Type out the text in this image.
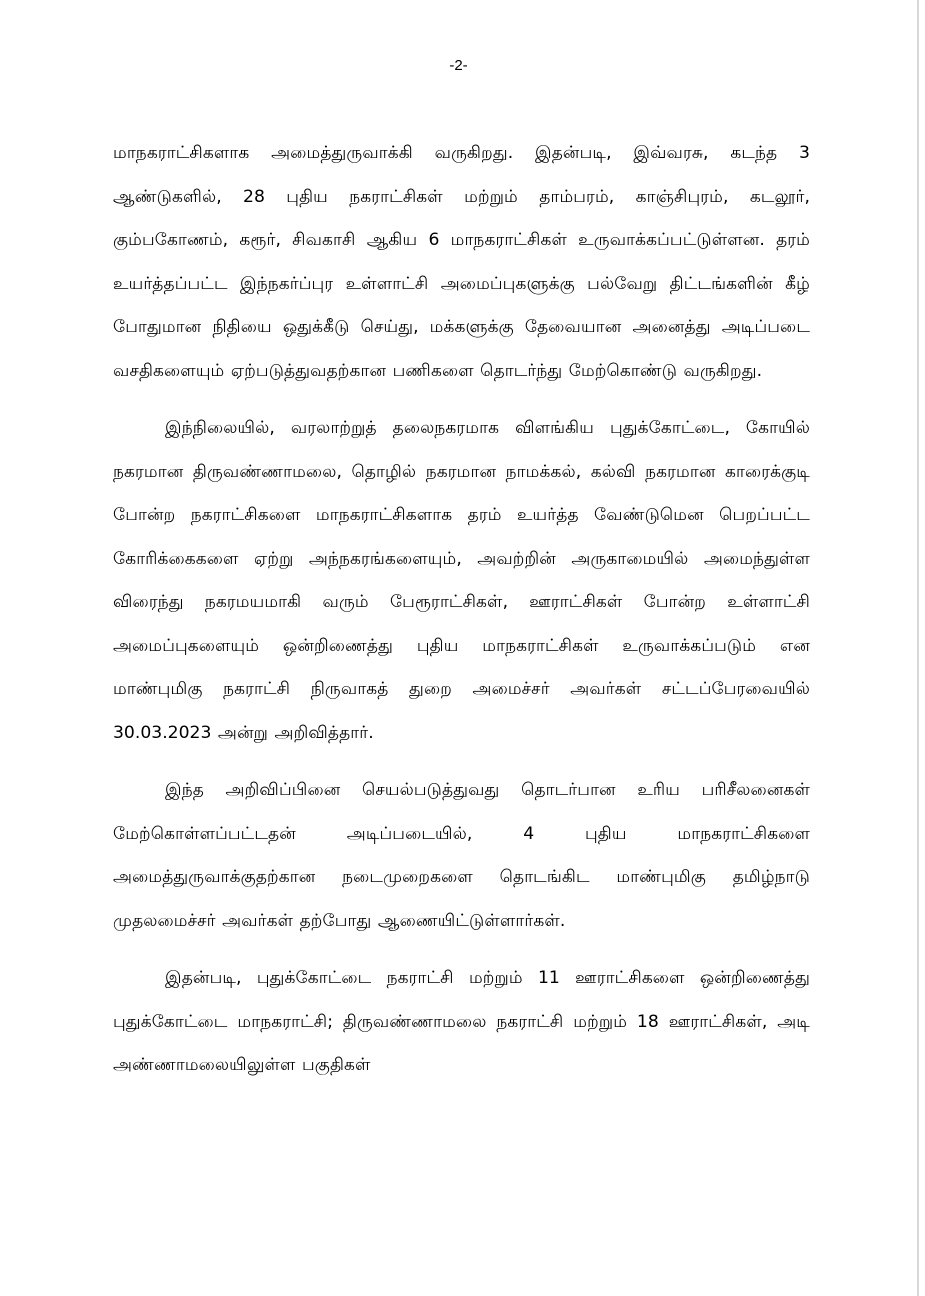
-2-

மாநகராட்சிகளாக அமைத்துருவாக்கி வருகிறது. இதன்படி, இவ்வரசு, கடந்த 3 ஆண்டுகளில், 28 புதிய நகராட்சிகள் மற்றும் தாம்பரம், காஞ்சிபுரம், கடலூர், கும்பகோணம், கரூர், சிவகாசி ஆகிய 6 மாநகராட்சிகள் உருவாக்கப்பட்டுள்ளன. தரம் உயர்த்தப்பட்ட இந்நகர்ப்புர உள்ளாட்சி அமைப்புகளுக்கு பல்வேறு திட்டங்களின் கீழ் போதுமான நிதியை ஒதுக்கீடு செய்து, மக்களுக்கு தேவையான அனைத்து அடிப்படை வசதிகளையும் ஏற்படுத்துவதற்கான பணிகளை தொடர்ந்து மேற்கொண்டு வருகிறது.

இந்நிலையில், வரலாற்றுத் தலைநகரமாக விளங்கிய புதுக்கோட்டை, கோயில் நகரமான திருவண்ணாமலை, தொழில் நகரமான நாமக்கல், கல்வி நகரமான காரைக்குடி போன்ற நகராட்சிகளை மாநகராட்சிகளாக தரம் உயர்த்த வேண்டுமென பெறப்பட்ட கோரிக்கைகளை ஏற்று அந்நகரங்களையும், அவற்றின் அருகாமையில் அமைந்துள்ள விரைந்து நகரமயமாகி வரும் பேரூராட்சிகள், ஊராட்சிகள் போன்ற உள்ளாட்சி அமைப்புகளையும் ஒன்றிணைத்து புதிய மாநகராட்சிகள் உருவாக்கப்படும் என மாண்புமிகு நகராட்சி நிருவாகத் துறை அமைச்சர் அவர்கள் சட்டப்பேரவையில் 30.03.2023 அன்று அறிவித்தார்.

இந்த அறிவிப்பினை செயல்படுத்துவது தொடர்பான உரிய பரிசீலனைகள் மேற்கொள்ளப்பட்டதன் அடிப்படையில், 4 புதிய மாநகராட்சிகளை அமைத்துருவாக்குதற்கான நடைமுறைகளை தொடங்கிட மாண்புமிகு தமிழ்நாடு முதலமைச்சர் அவர்கள் தற்போது ஆணையிட்டுள்ளார்கள்.

இதன்படி, புதுக்கோட்டை நகராட்சி மற்றும் 11 ஊராட்சிகளை ஒன்றிணைத்து புதுக்கோட்டை மாநகராட்சி; திருவண்ணாமலை நகராட்சி மற்றும் 18 ஊராட்சிகள், அடி அண்ணாமலையிலுள்ள பகுதிகள்
